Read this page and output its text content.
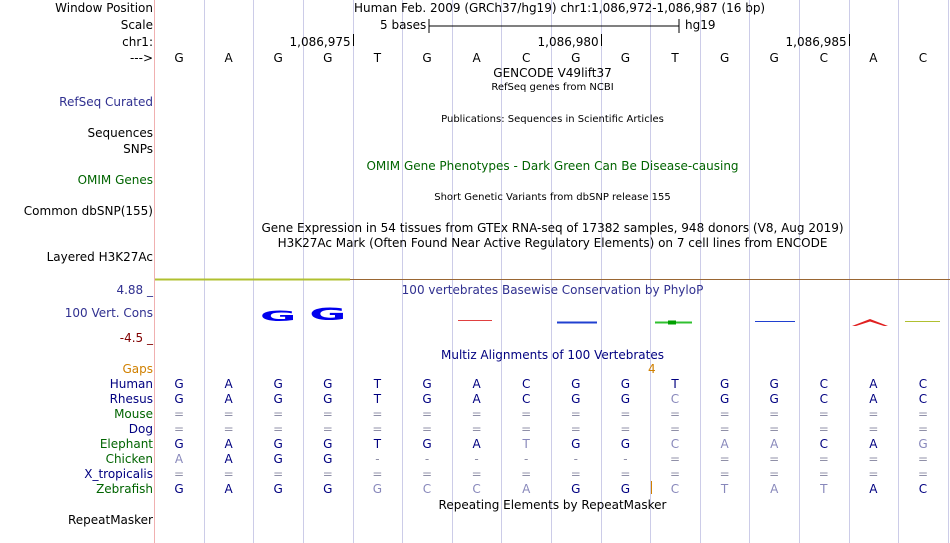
Window Position	Human Feb. 2009 (GRCh37/hg19) chr1:1,086,972-1,086,987 (16 bp)
Scale	5 bases	hg19
chr1:	1,086,975	1,086,980	1,086,985
--->	G	A	G	G	T	G	A	C	G	G	T	G	G	C	A	C
GENCODE V49lift37
RefSeq genes from NCBI
RefSeq Curated
Publications: Sequences in Scientific Articles
Sequences
SNPs
OMIM Gene Phenotypes - Dark Green Can Be Disease-causing
OMIM Genes
Short Genetic Variants from dbSNP release 155
Common dbSNP(155)
Gene Expression in 54 tissues from GTEx RNA-seq of 17382 samples, 948 donors (V8, Aug 2019)
H3K27Ac Mark (Often Found Near Active Regulatory Elements) on 7 cell lines from ENCODE
Layered H3K27Ac
G G
4.88 _	100 vertebrates Basewise Conservation by PhyloP
100 Vert. Cons
-4.5 _
Multiz Alignments of 100 Vertebrates
Gaps	4
Human	G	A	G	G	T	G	A	C	G	G	T	G	G	C	A	C
Rhesus	G	A	G	G	T	G	A	C	G	G	C	G	G	C	A	C
Mouse	=	=	=	=	=	=	=	=	=	=	=	=	=	=	=	=
Dog	=	=	=	=	=	=	=	=	=	=	=	=	=	=	=	=
Elephant	G	A	G	G	T	G	A	T	G	G	C	A	A	C	A	G
Chicken	A	A	G	G	-	-	-	-	-	-	=	=	=	=	=	=
X_tropicalis	=	=	=	=	=	=	=	=	=	=	=	=	=	=	=	=
Zebrafish	G	A	G	G	G	C	C	A	G	G	C	T	A	T	A	C
Repeating Elements by RepeatMasker
RepeatMasker
